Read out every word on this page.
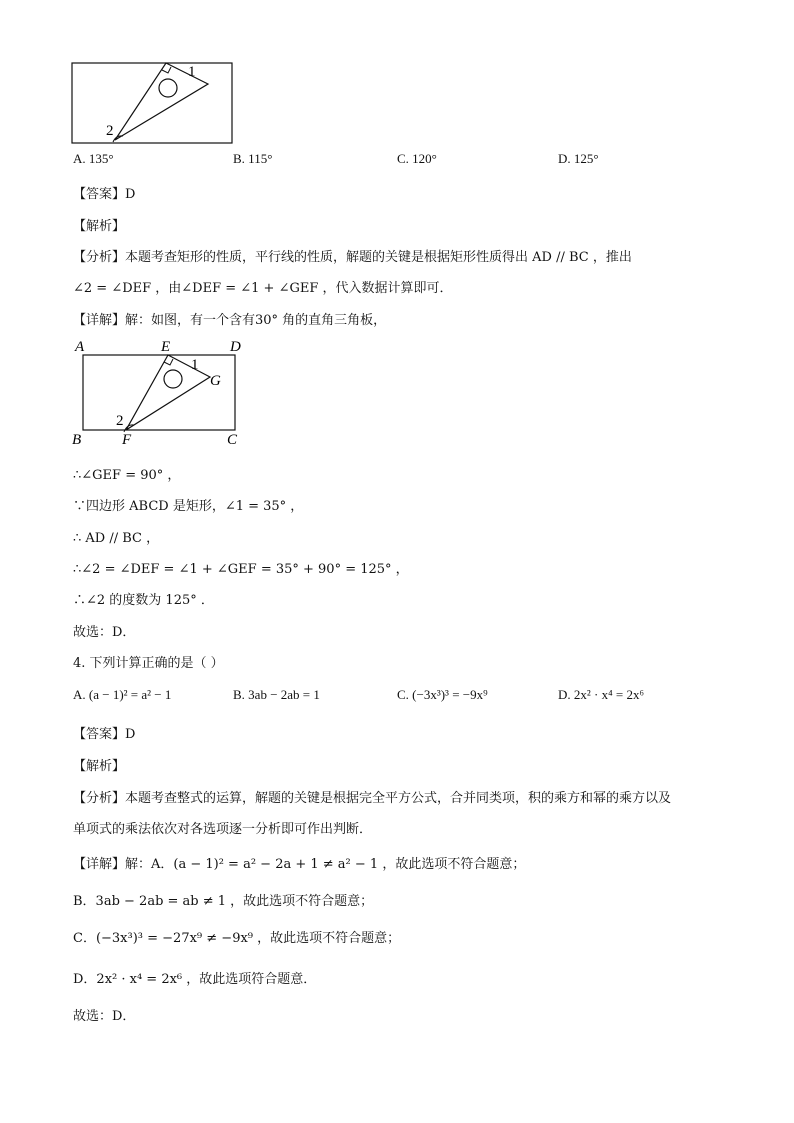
1
2
A. 135°	B. 115°	C. 120°	D. 125°
【答案】D
【解析】
【分析】本题考查矩形的性质，平行线的性质，解题的关键是根据矩形性质得出 AD // BC ，推出
∠2 = ∠DEF ，由∠DEF = ∠1 + ∠GEF ，代入数据计算即可．
【详解】解：如图，有一个含有30° 角的直角三角板，
A	E	D
1
G
2
B	F	C
∴∠GEF = 90° ，
∵四边形 ABCD 是矩形，∠1 = 35° ，
∴ AD // BC ，
∴∠2 = ∠DEF = ∠1 + ∠GEF = 35° + 90° = 125° ，
∴∠2 的度数为 125° ．
故选：D．
4. 下列计算正确的是（ ）
A. (a − 1)² = a² − 1	B. 3ab − 2ab = 1	C. (−3x³)³ = −9x⁹	D. 2x² · x⁴ = 2x⁶
【答案】D
【解析】
【分析】本题考查整式的运算，解题的关键是根据完全平方公式，合并同类项，积的乘方和幂的乘方以及
单项式的乘法依次对各选项逐一分析即可作出判断．
【详解】解：A．(a − 1)² = a² − 2a + 1 ≠ a² − 1 ，故此选项不符合题意；
B．3ab − 2ab = ab ≠ 1 ，故此选项不符合题意；
C．(−3x³)³ = −27x⁹ ≠ −9x⁹ ，故此选项不符合题意；
D．2x² · x⁴ = 2x⁶ ，故此选项符合题意．
故选：D．
